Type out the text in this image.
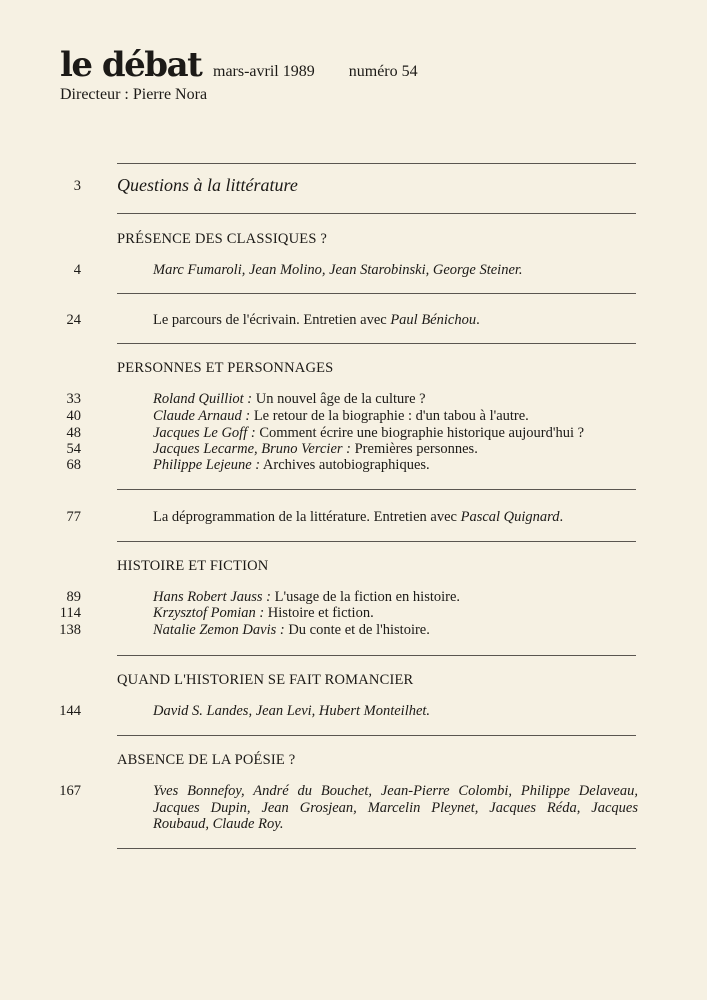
le débat mars-avril 1989 numéro 54
Directeur : Pierre Nora
3 Questions à la littérature
PRÉSENCE DES CLASSIQUES ?
4	Marc Fumaroli, Jean Molino, Jean Starobinski, George Steiner.
24	Le parcours de l'écrivain. Entretien avec Paul Bénichou.
PERSONNES ET PERSONNAGES
33	Roland Quilliot : Un nouvel âge de la culture ?
40	Claude Arnaud : Le retour de la biographie : d'un tabou à l'autre.
48	Jacques Le Goff : Comment écrire une biographie historique aujourd'hui ?
54	Jacques Lecarme, Bruno Vercier : Premières personnes.
68	Philippe Lejeune : Archives autobiographiques.
77	La déprogrammation de la littérature. Entretien avec Pascal Quignard.
HISTOIRE ET FICTION
89	Hans Robert Jauss : L'usage de la fiction en histoire.
114	Krzysztof Pomian : Histoire et fiction.
138	Natalie Zemon Davis : Du conte et de l'histoire.
QUAND L'HISTORIEN SE FAIT ROMANCIER
144	David S. Landes, Jean Levi, Hubert Monteilhet.
ABSENCE DE LA POÉSIE ?
167	Yves Bonnefoy, André du Bouchet, Jean-Pierre Colombi, Philippe Delaveau, Jacques Dupin, Jean Grosjean, Marcelin Pleynet, Jacques Réda, Jacques Roubaud, Claude Roy.
